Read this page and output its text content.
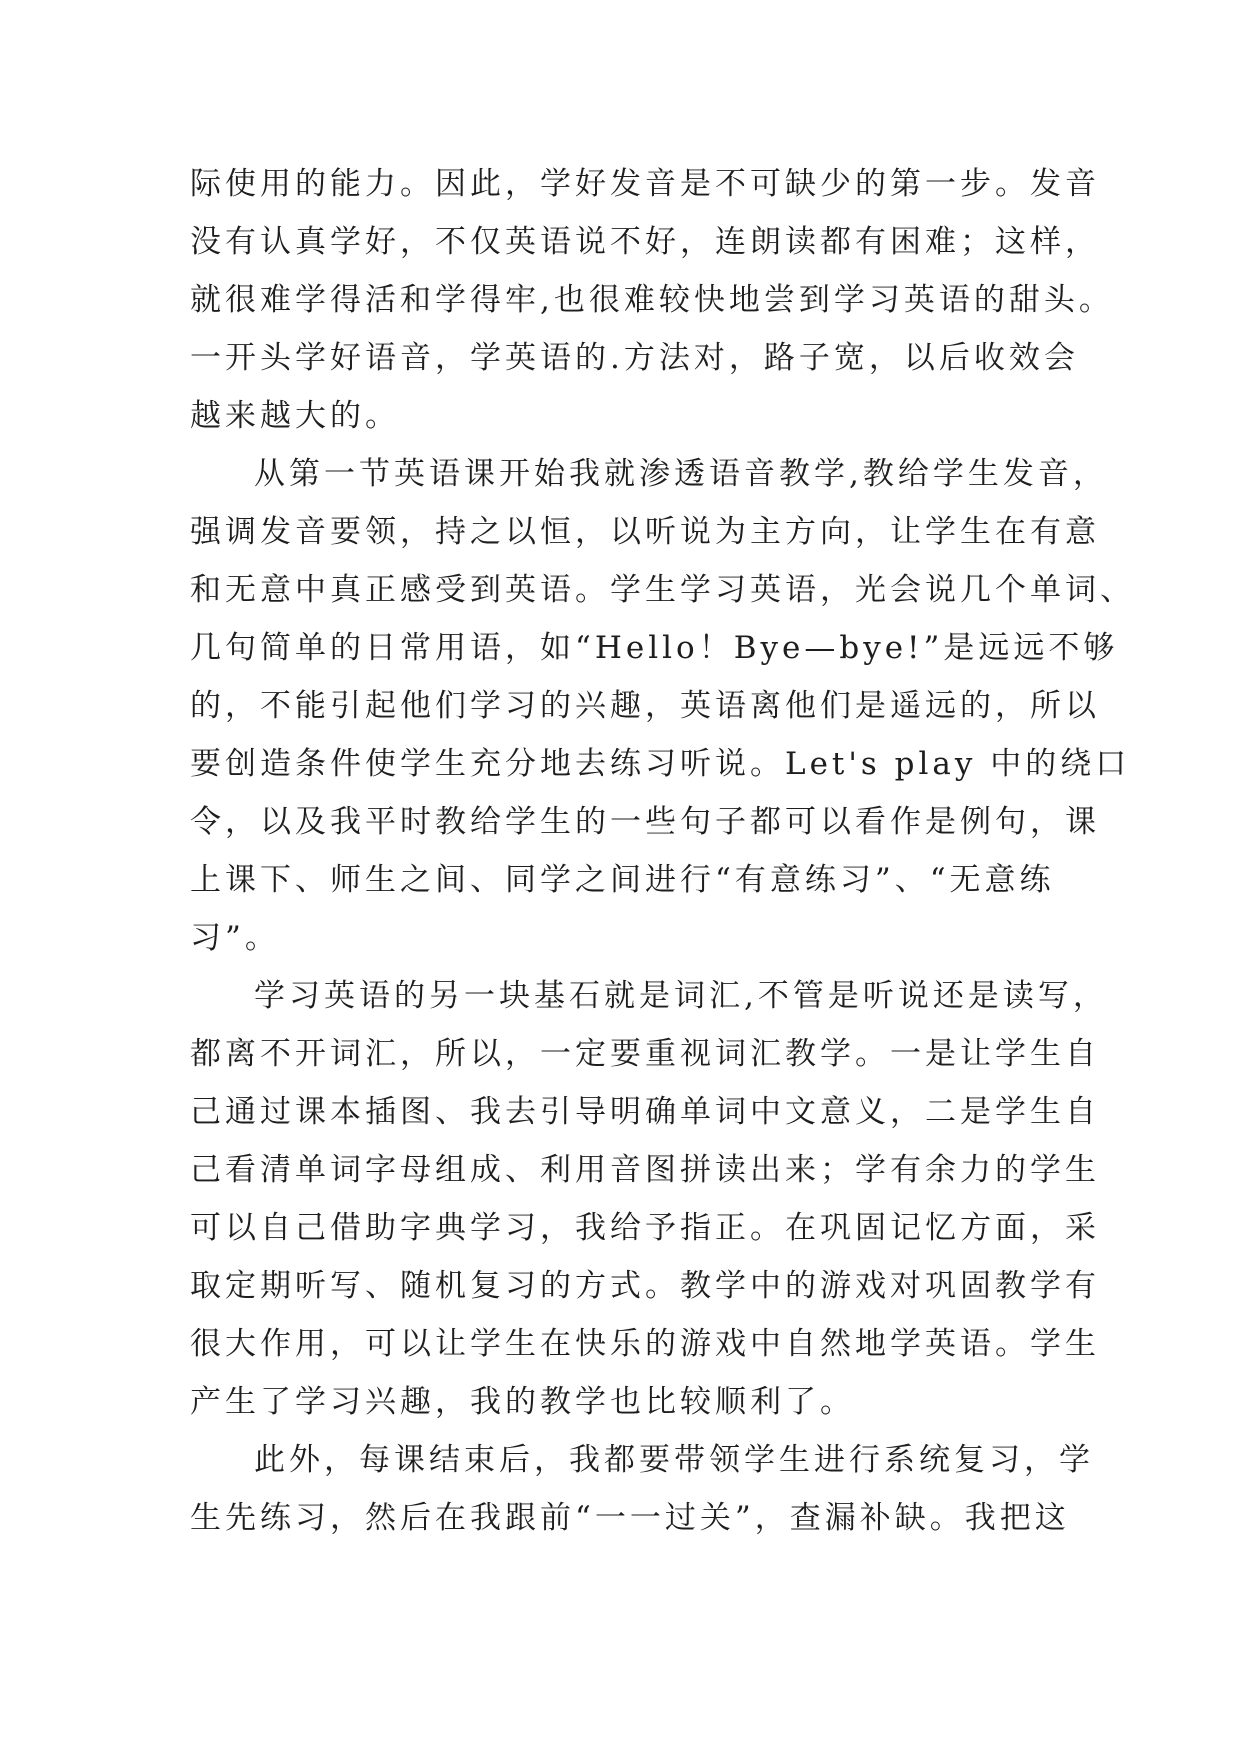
际使用的能力。因此，学好发音是不可缺少的第一步。发音
没有认真学好，不仅英语说不好，连朗读都有困难；这样，
就很难学得活和学得牢,也很难较快地尝到学习英语的甜头。
一开头学好语音，学英语的.方法对，路子宽，以后收效会
越来越大的。
从第一节英语课开始我就渗透语音教学,教给学生发音，
强调发音要领，持之以恒，以听说为主方向，让学生在有意
和无意中真正感受到英语。学生学习英语，光会说几个单词、
几句简单的日常用语，如“Hello！Bye—bye!”是远远不够
的，不能引起他们学习的兴趣，英语离他们是遥远的，所以
要创造条件使学生充分地去练习听说。Let's play 中的绕口
令，以及我平时教给学生的一些句子都可以看作是例句，课
上课下、师生之间、同学之间进行“有意练习”、“无意练
习”。
学习英语的另一块基石就是词汇,不管是听说还是读写，
都离不开词汇，所以，一定要重视词汇教学。一是让学生自
己通过课本插图、我去引导明确单词中文意义，二是学生自
己看清单词字母组成、利用音图拼读出来；学有余力的学生
可以自己借助字典学习，我给予指正。在巩固记忆方面，采
取定期听写、随机复习的方式。教学中的游戏对巩固教学有
很大作用，可以让学生在快乐的游戏中自然地学英语。学生
产生了学习兴趣，我的教学也比较顺利了。
此外，每课结束后，我都要带领学生进行系统复习，学
生先练习，然后在我跟前“一一过关”，查漏补缺。我把这
